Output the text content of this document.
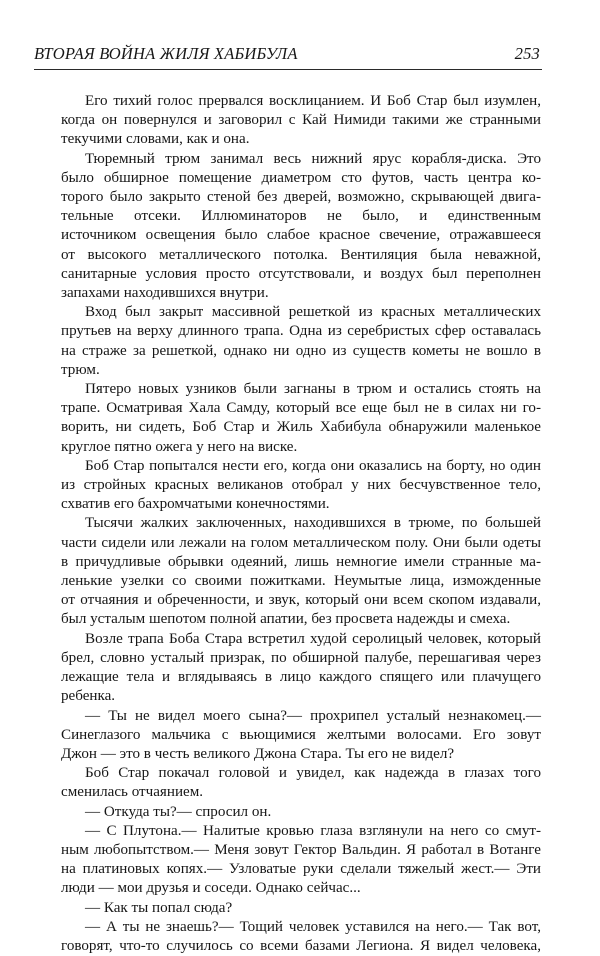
ВТОРАЯ ВОЙНА ЖИЛЯ ХАБИБУЛА	253

Его тихий голос прервался восклицанием. И Боб Стар был изумлен,
когда он повернулся и заговорил с Кай Нимиди такими же странными
текучими словами, как и она.

Тюремный трюм занимал весь нижний ярус корабля-диска. Это
было обширное помещение диаметром сто футов, часть центра ко-
торого было закрыто стеной без дверей, возможно, скрывающей двига-
тельные отсеки. Иллюминаторов не было, и единственным
источником освещения было слабое красное свечение, отражавшееся
от высокого металлического потолка. Вентиляция была неважной,
санитарные условия просто отсутствовали, и воздух был переполнен
запахами находившихся внутри.

Вход был закрыт массивной решеткой из красных металлических
прутьев на верху длинного трапа. Одна из серебристых сфер оставалась
на страже за решеткой, однако ни одно из существ кометы не вошло в
трюм.

Пятеро новых узников были загнаны в трюм и остались стоять на
трапе. Осматривая Хала Самду, который все еще был не в силах ни го-
ворить, ни сидеть, Боб Стар и Жиль Хабибула обнаружили маленькое
круглое пятно ожега у него на виске.

Боб Стар попытался нести его, когда они оказались на борту, но один
из стройных красных великанов отобрал у них бесчувственное тело,
схватив его бахромчатыми конечностями.

Тысячи жалких заключенных, находившихся в трюме, по большей
части сидели или лежали на голом металлическом полу. Они были одеты
в причудливые обрывки одеяний, лишь немногие имели странные ма-
ленькие узелки со своими пожитками. Неумытые лица, изможденные
от отчаяния и обреченности, и звук, который они всем скопом издавали,
был усталым шепотом полной апатии, без просвета надежды и смеха.

Возле трапа Боба Стара встретил худой серолицый человек, который
брел, словно усталый призрак, по обширной палубе, перешагивая через
лежащие тела и вглядываясь в лицо каждого спящего или плачущего
ребенка.

— Ты не видел моего сына?— прохрипел усталый незнакомец.—
Синеглазого мальчика с вьющимися желтыми волосами. Его зовут
Джон — это в честь великого Джона Стара. Ты его не видел?

Боб Стар покачал головой и увидел, как надежда в глазах того
сменилась отчаянием.

— Откуда ты?— спросил он.

— С Плутона.— Налитые кровью глаза взглянули на него со смут-
ным любопытством.— Меня зовут Гектор Вальдин. Я работал в Вотанге
на платиновых копях.— Узловатые руки сделали тяжелый жест.— Эти
люди — мои друзья и соседи. Однако сейчас...

— Как ты попал сюда?

— А ты не знаешь?— Тощий человек уставился на него.— Так вот,
говорят, что-то случилось со всеми базами Легиона. Я видел человека,
